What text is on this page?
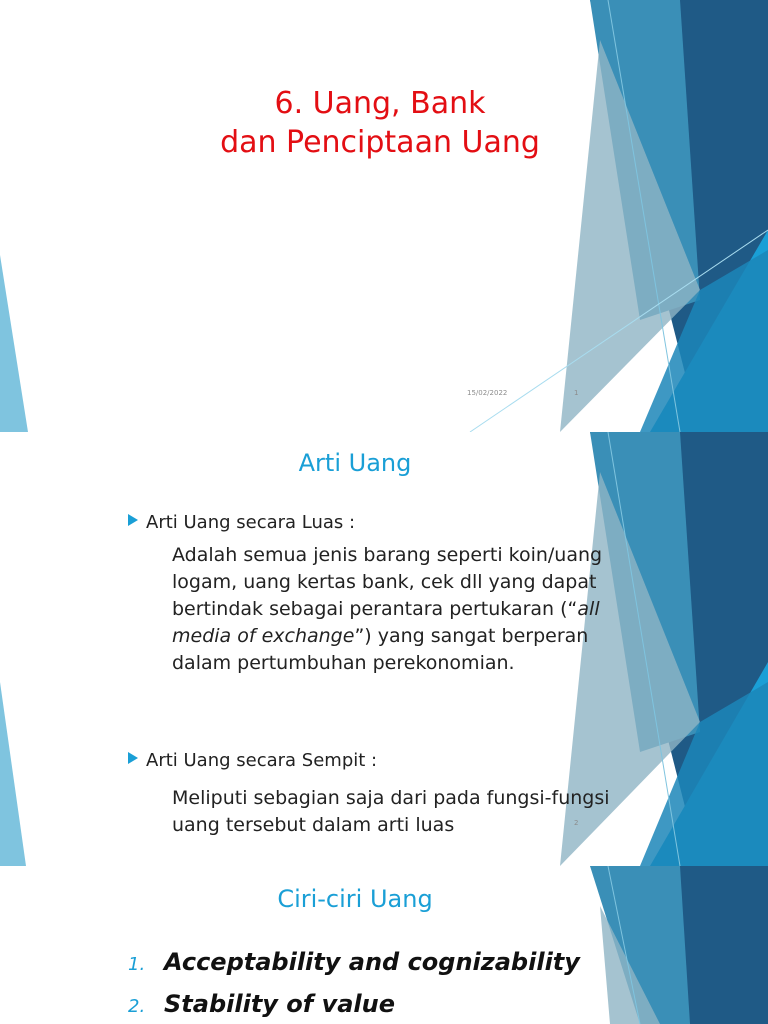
6. Uang, Bank
dan Penciptaan Uang
15/02/2022	1
Arti Uang
Arti Uang secara Luas :
Adalah semua jenis barang seperti koin/uang logam, uang kertas bank, cek dll yang dapat bertindak sebagai perantara pertukaran (“all media of exchange”) yang sangat berperan dalam pertumbuhan perekonomian.
Arti Uang secara Sempit :
Meliputi sebagian saja dari pada fungsi-fungsi uang tersebut dalam arti luas	2
Ciri-ciri Uang
1. Acceptability and cognizability
2. Stability of value
